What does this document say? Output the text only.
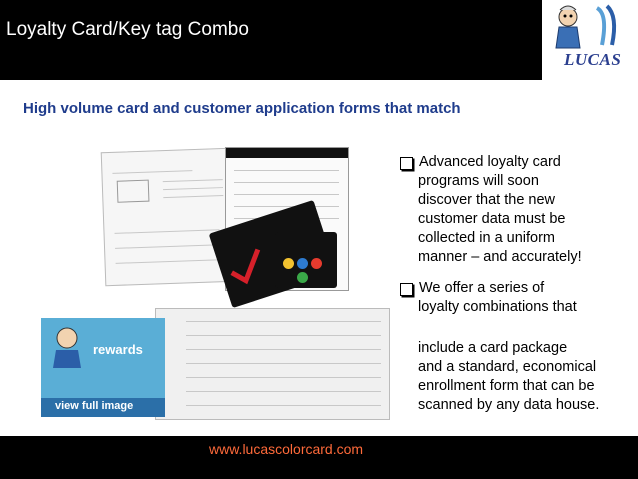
Loyalty Card/Key tag Combo
LUCAS
High volume card and customer application forms that match
rewards
view full image
Advanced loyalty card
programs will soon
discover that the new
customer data must be
collected in a uniform
manner – and accurately!
We offer a series of
loyalty combinations that
include a card package
and a standard, economical
enrollment form that can be
scanned by any data house.
www.lucascolorcard.com
